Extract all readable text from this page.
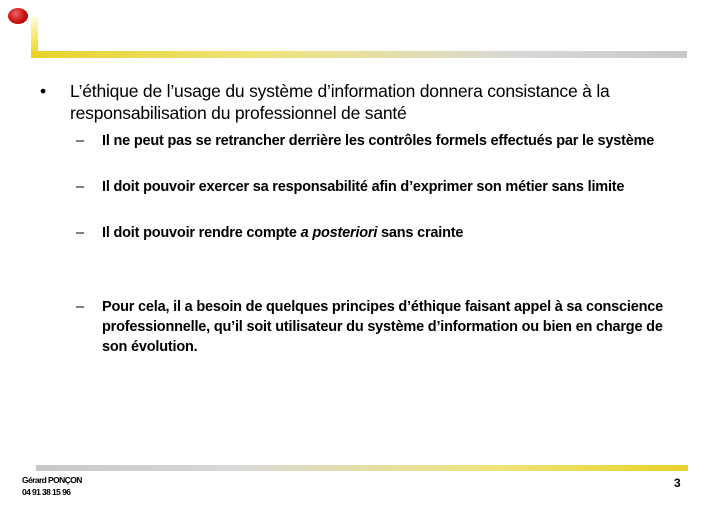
• L’éthique de l’usage du système d’information donnera consistance à la responsabilisation du professionnel de santé
– Il ne peut pas se retrancher derrière les contrôles formels effectués par le système
– Il doit pouvoir exercer sa responsabilité afin d’exprimer son métier sans limite
– Il doit pouvoir rendre compte a posteriori sans crainte
– Pour cela, il a besoin de quelques principes d’éthique faisant appel à sa conscience professionnelle, qu’il soit utilisateur du système d’information ou bien en charge de son évolution.
Gérard PONÇON
04 91 38 15 96
3
